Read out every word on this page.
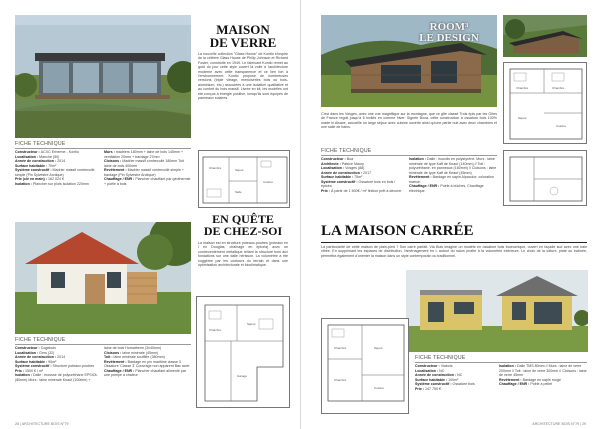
MAISON
DE VERRE
La nouvelle collection "Glass House" de Kontio s'inspire de la célèbre Glass House de Philip Johnson et Richard Foster, construite en 1949. Le fabricant Kontio remet au goût du jour cette style ouvert la voile à l'architecture moderne avec cette transparence et ce lien fort à l'environnement. Kontio propose de nombreuses versions (triple vitrage, menuiseries bois ou bois-aluminium, etc.) associées à une isolation qualitative et au confort du bois massif. Livrée en kit, les modèles ont été conçus à énergie positive, lorsqu'ils sont équipés de panneaux solaires.
FICHE TECHNIQUE
Constructeur : ACXC Ernerme - Kontio
Localisation : Manche (50)
Année de construction : 2014
Surface habitable : 70m²
Système constructif : Madrier massif contrecollé simple (Pin Sylvestre Arctique)
Prix (clé en main) : 162 024 €
Isolation : Plancher sur plots isolation 220mm
Murs : madriers 180mm + laine de bois 145mm + ventilation 20mm + bardage 27mm
Cloisons : Madrier massif contrecollé 180mm Toit laine de bois 400mm
Revêtement : Madrier massif contrecollé simple + bardage (Pin Sylvestre Arctique)
Chauffage / ENR : Plancher chauffant par géothermie + poêle à bois
Chambre	Séjour
Salle
Cuisine
EN QUÊTE
DE CHEZ-SOI
La maison est en structure poteaux-poutres (poteaux en I en Douglas, chaînage en épicéa) avec un contreventement métallique reliant la structure bois aux fondations sur une dalle hérisson. La volumétrie a été suggérée par les contours du terrain et dans une optimisation architecturale et bioclimatique.
Séjour
Chambre
Garage
FICHE TECHNIQUE
Constructeur : Cogebois
Localisation : Gers (32)
Année de construction : 2014
Surface habitable : 90m²
Système constructif : Structure poteaux-poutres
Prix : 1500 € / m²
Isolation : Dalle : mousse de polyuréthane EPSIOL (80mm) Murs : laine minérale Knauf (100mm) +
laine de bois Homatherm (3x40mm)
Cloisons : laine minérale (45mm)
Toit : laine minérale soufflée (380mm)
Revêtement : Bardage en pin maritime classe 3 Ossature 'Classe 3' Couvrage non apparent Bac acier
Chauffage / ENR : Plancher chauffant alimenté par une pompe à chaleur
28 | ARCHITECTURE BOIS N°79
ROOM³
LE DESIGN
Chambre	Chambre
Séjour
Cuisine
C'est dans les Vosges, avec une vue magnifique sur la montagne, que ce gîte classé Trois épis par les Gîtes de France regoit jusqu'à 6 invités en comme hiver. Signée Booa, cette construction à ossature bois 100% made in Alsace, accueille un large séjour avec cuisine ouverte ainsi qu'une partie nuit avec deux chambres et une salle de bains.
FICHE TECHNIQUE
Constructeur : Boa
Architecte : Patrice Maury
Localisation : Vosges (88)
Année de construction : 2017
Surface habitable : 75m²
Système constructif : Ossature bois en bois / épicéa
Prix : À partir de 1 500€ / m² finition prêt à décorer
Isolation : Dalle : hourdis en polystyrène. Murs : laine minérale de type Kaff de Knauf (140mm) // Toit : polyuréthane. en panneaux (160mm) // Cloisons : laine minérale de type Kaff de Knauf (45mm)
Revêtement : Bardage en sapin Alpacolor, coloration marron
Chauffage / ENR : Poêle à bûches, Chauffage électrique
LA MAISON CARRÉE
La particularité de cette maison de plain-pied ? Son carré parfait. Via Bois imagine un modèle en ossature bois économique, ouvert en façade sud avec une baie vitrée. En supprimant les espaces de distribution, l'aménagement en L autour du salon profite à la volumétrie intérieure. Le choix de la toiture, plate ou inclinée, permettra également d'orienter la maison dans un style contemporain ou traditionnel.
Chambre	Séjour
Cuisine
Chambre
FICHE TECHNIQUE
Constructeur : Viabois
Localisation : NC
Année de construction : NC
Surface habitable : 100m²
Système constructif : Ossature bois
Prix : 147 750 €
Isolation : Dalle TMS 80mm // Murs : laine de verre 200mm // Toit : laine de verre 300mm // Cloisons : laine de verre 45mm
Revêtement : Bardage en sapin rouge
Chauffage / ENR : Poêle à pellet
ARCHITECTURE BOIS N°79 | 29
